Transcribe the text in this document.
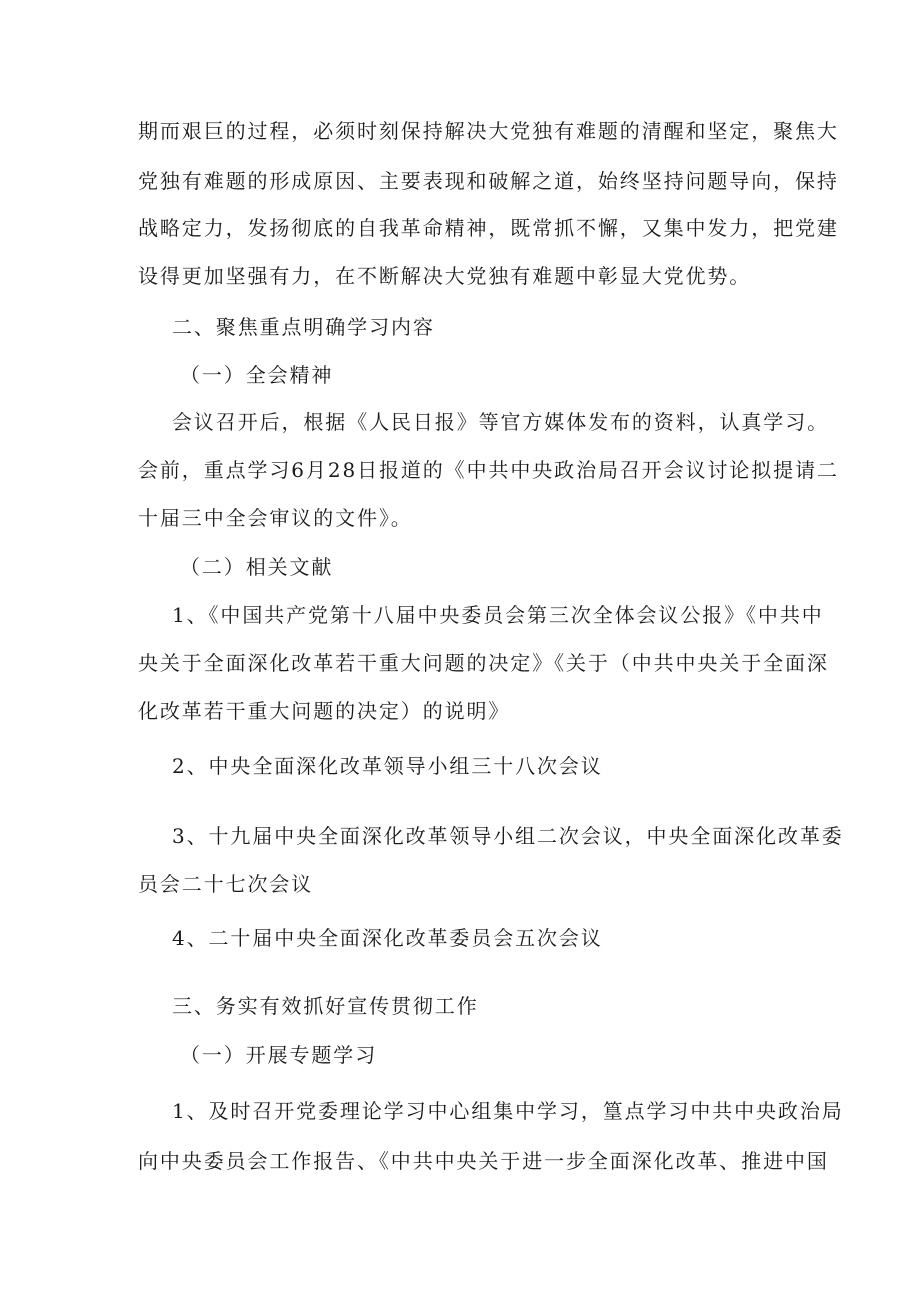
期而艰巨的过程，必须时刻保持解决大党独有难题的清醒和坚定，聚焦大
党独有难题的形成原因、主要表现和破解之道，始终坚持问题导向，保持
战略定力，发扬彻底的自我革命精神，既常抓不懈，又集中发力，把党建
设得更加坚强有力，在不断解决大党独有难题中彰显大党优势。
二、聚焦重点明确学习内容
（一）全会精神
会议召开后，根据《人民日报》等官方媒体发布的资料，认真学习。
会前，重点学习6月28日报道的《中共中央政治局召开会议讨论拟提请二
十届三中全会审议的文件》。
（二）相关文献
1、《中国共产党第十八届中央委员会第三次全体会议公报》《中共中
央关于全面深化改革若干重大问题的决定》《关于（中共中央关于全面深
化改革若干重大问题的决定）的说明》
2、中央全面深化改革领导小组三十八次会议
3、十九届中央全面深化改革领导小组二次会议，中央全面深化改革委
员会二十七次会议
4、二十届中央全面深化改革委员会五次会议
三、务实有效抓好宣传贯彻工作
（一）开展专题学习
1、及时召开党委理论学习中心组集中学习，篁点学习中共中央政治局
向中央委员会工作报告、《中共中央关于进一步全面深化改革、推进中国
